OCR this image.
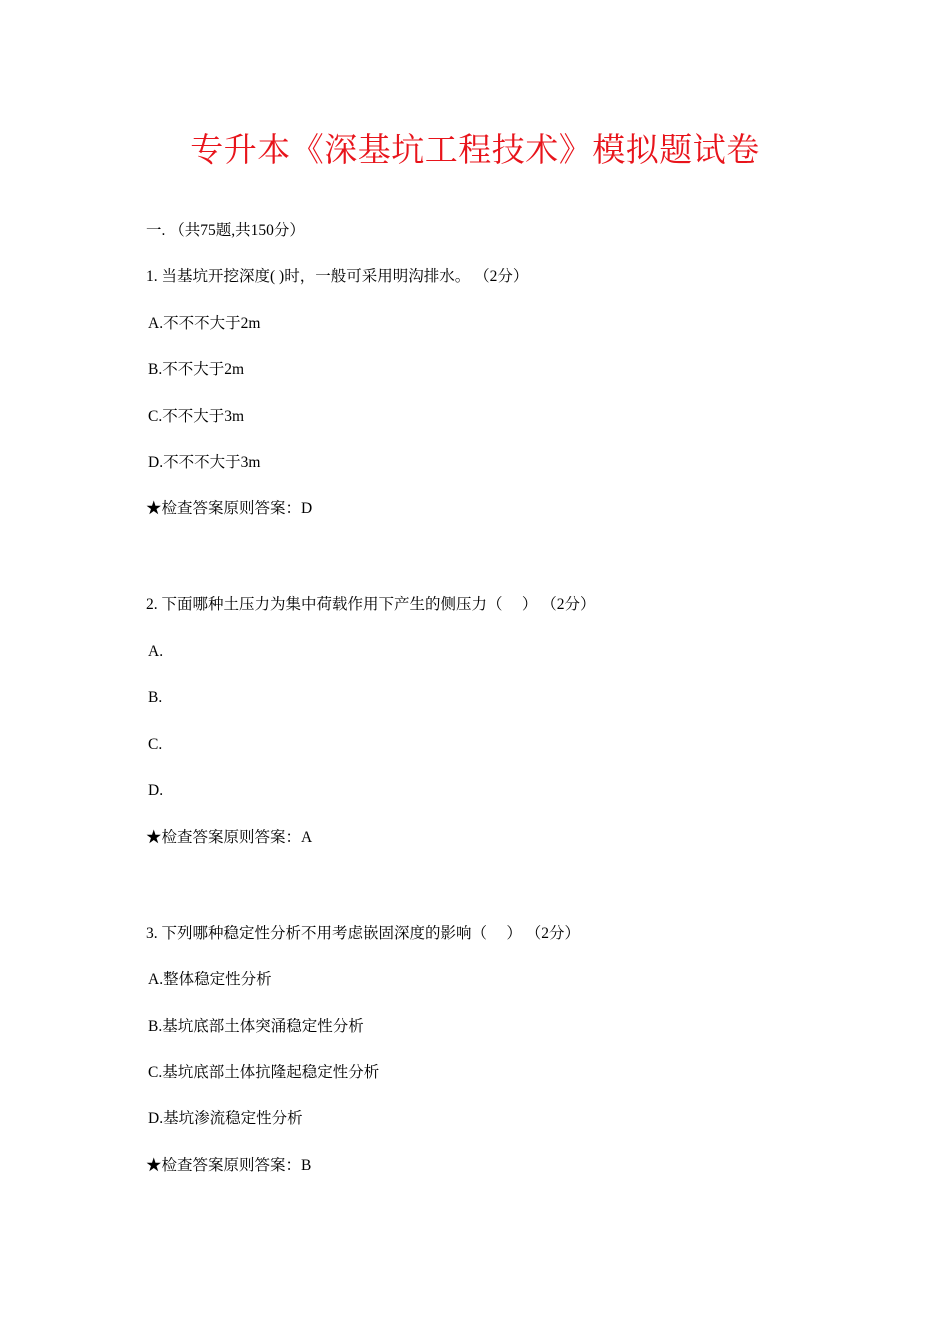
专升本《深基坑工程技术》模拟题试卷
一. （共75题,共150分）
1. 当基坑开挖深度( )时，一般可采用明沟排水。 （2分）
A.不不不大于2m
B.不不大于2m
C.不不大于3m
D.不不不大于3m
★检查答案原则答案：D
2. 下面哪种土压力为集中荷载作用下产生的侧压力（　 ） （2分）
A.
B.
C.
D.
★检查答案原则答案：A
3. 下列哪种稳定性分析不用考虑嵌固深度的影响（　 ） （2分）
A.整体稳定性分析
B.基坑底部土体突涌稳定性分析
C.基坑底部土体抗隆起稳定性分析
D.基坑渗流稳定性分析
★检查答案原则答案：B
